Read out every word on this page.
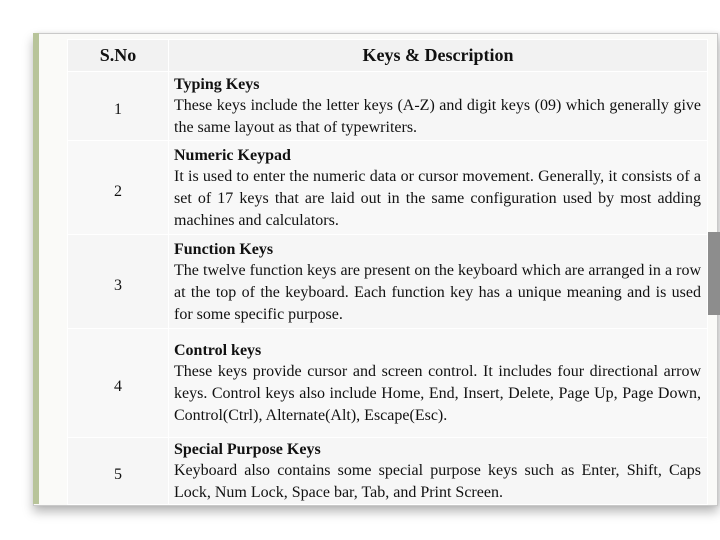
S.No	Keys & Description
1	Typing Keys
These keys include the letter keys (A-Z) and digit keys (09) which generally give the same layout as that of typewriters.

2	Numeric Keypad
It is used to enter the numeric data or cursor movement. Generally, it consists of a set of 17 keys that are laid out in the same configuration used by most adding machines and calculators.

3	Function Keys
The twelve function keys are present on the keyboard which are arranged in a row at the top of the keyboard. Each function key has a unique meaning and is used for some specific purpose.

4	Control keys
These keys provide cursor and screen control. It includes four directional arrow keys. Control keys also include Home, End, Insert, Delete, Page Up, Page Down, Control(Ctrl), Alternate(Alt), Escape(Esc).

5	Special Purpose Keys
Keyboard also contains some special purpose keys such as Enter, Shift, Caps Lock, Num Lock, Space bar, Tab, and Print Screen.
